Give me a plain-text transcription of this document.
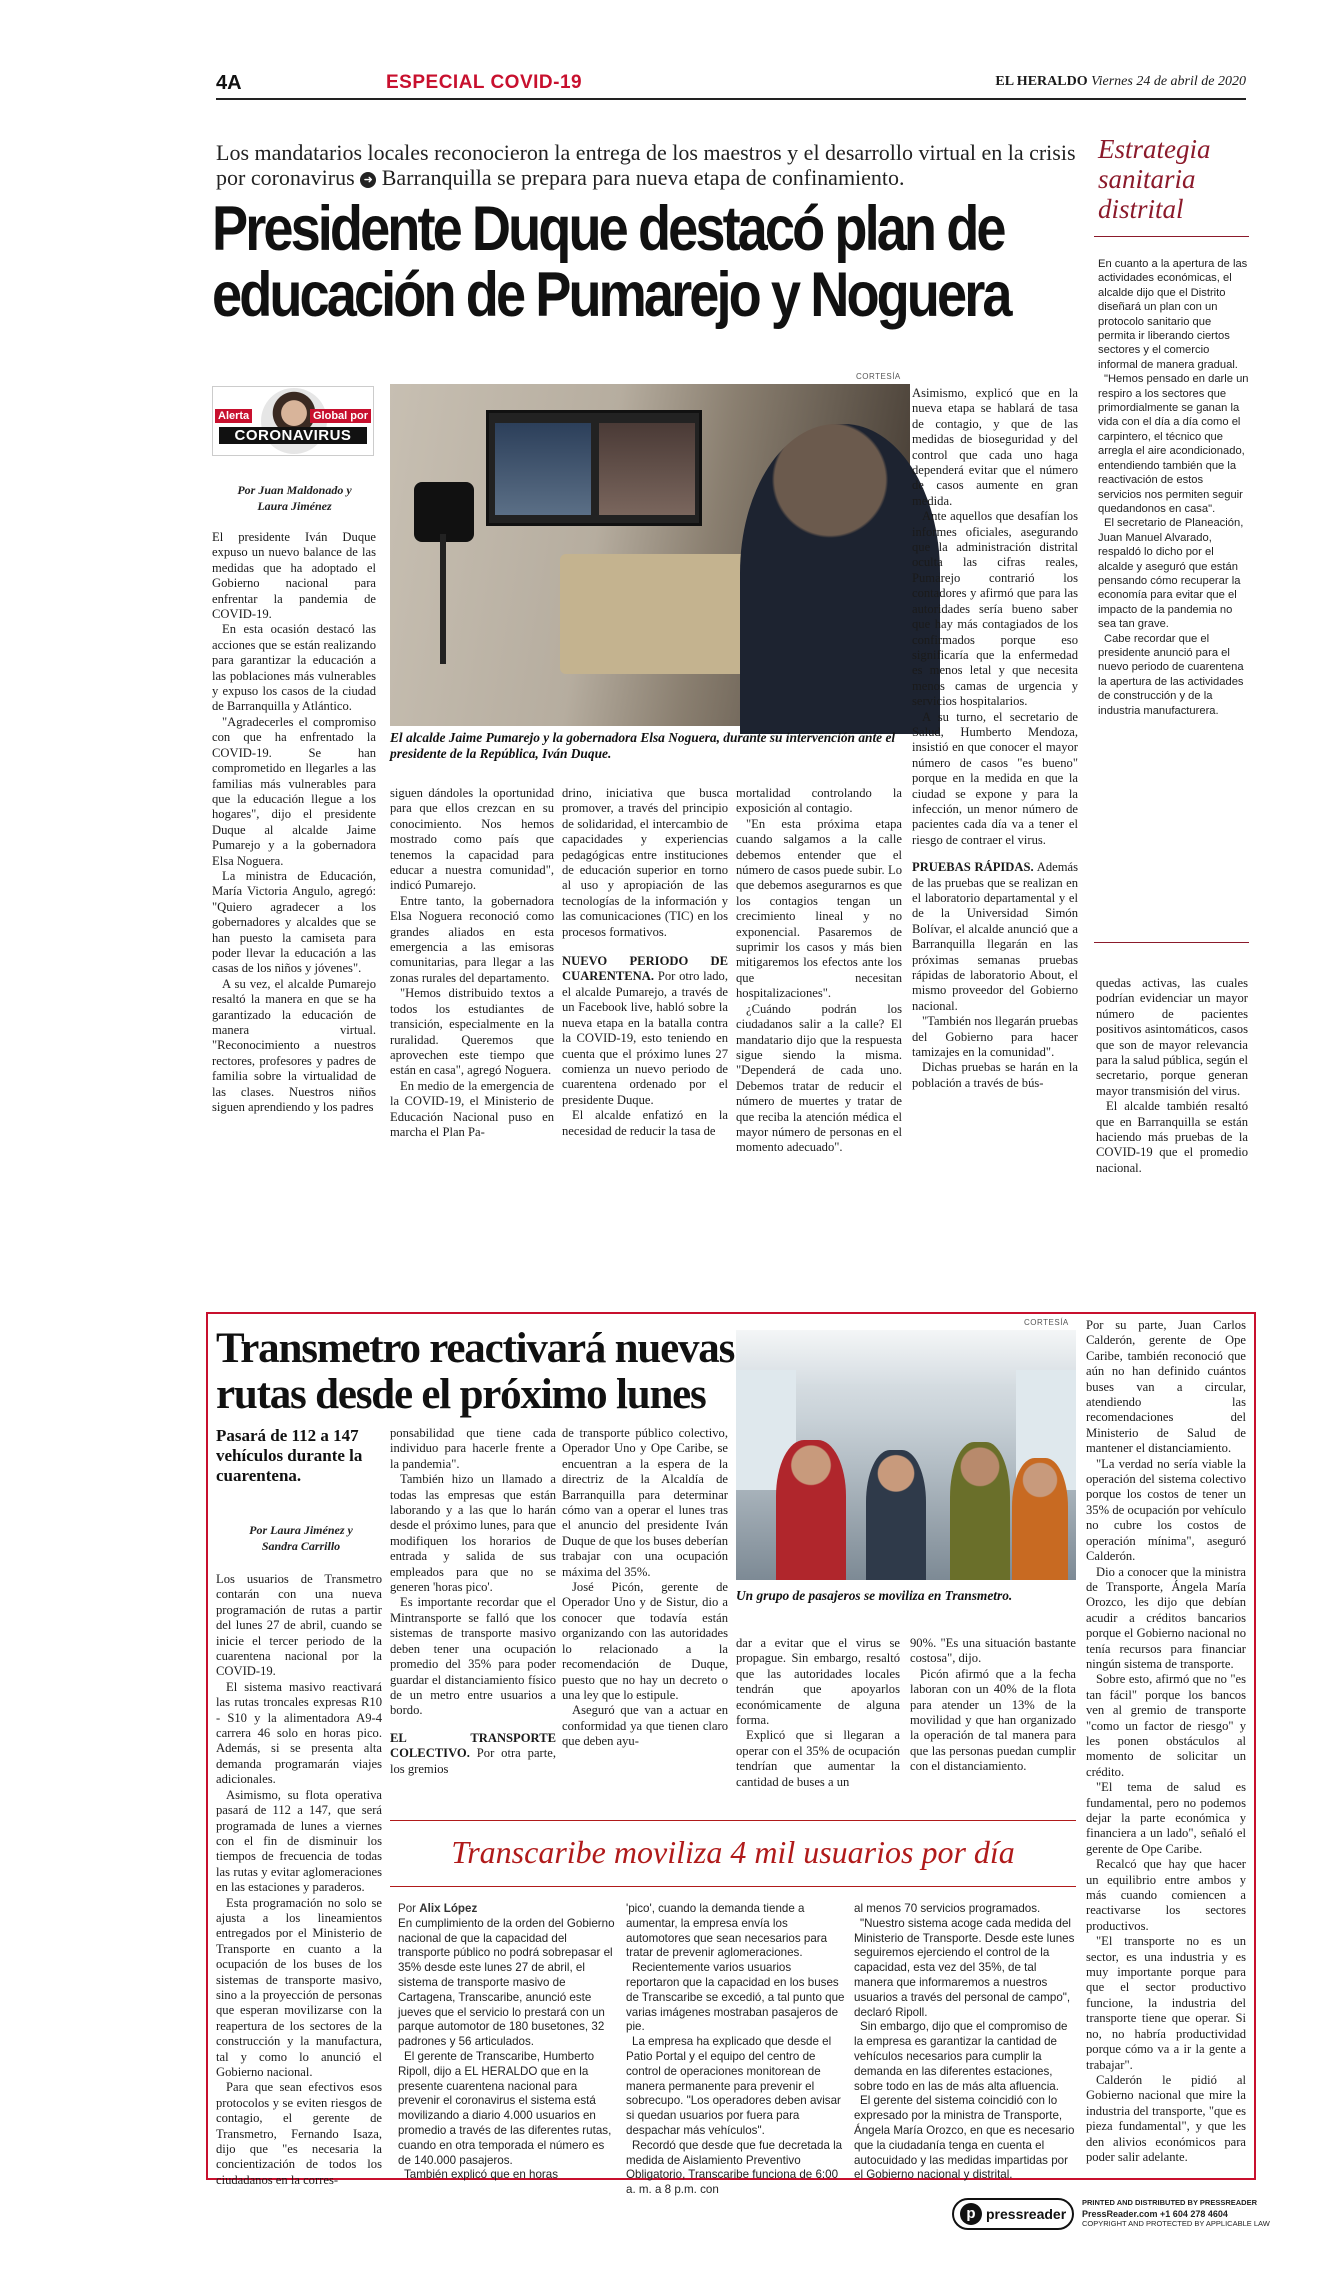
4A	ESPECIAL COVID-19	EL HERALDO Viernes 24 de abril de 2020
Los mandatarios locales reconocieron la entrega de los maestros y el desarrollo virtual en la crisis por coronavirus ➜ Barranquilla se prepara para nueva etapa de confinamiento.
Presidente Duque destacó plan de
educación de Pumarejo y Noguera
Estrategia
sanitaria
distrital

En cuanto a la apertura de las actividades económicas, el alcalde dijo que el Distrito diseñará un plan con un protocolo sanitario que permita ir liberando ciertos sectores y el comercio informal de manera gradual.

"Hemos pensado en darle un respiro a los sectores que primordialmente se ganan la vida con el día a día como el carpintero, el técnico que arregla el aire acondicionado, entendiendo también que la reactivación de estos servicios nos permiten seguir quedandonos en casa".

El secretario de Planeación, Juan Manuel Alvarado, respaldó lo dicho por el alcalde y aseguró que están pensando cómo recuperar la economía para evitar que el impacto de la pandemia no sea tan grave.

Cabe recordar que el presidente anunció para el nuevo periodo de cuarentena la apertura de las actividades de construcción y de la industria manufacturera.

quedas activas, las cuales podrían evidenciar un mayor número de pacientes positivos asintomáticos, casos que son de mayor relevancia para la salud pública, según el secretario, porque generan mayor transmisión del virus.

El alcalde también resaltó que en Barranquilla se están haciendo más pruebas de la COVID-19 que el promedio nacional.

Alerta	Global por
CORONAVIRUS
Por Juan Maldonado y
Laura Jiménez
CORTESÍA
El alcalde Jaime Pumarejo y la gobernadora Elsa Noguera, durante su intervención ante el presidente de la República, Iván Duque.

El presidente Iván Duque expuso un nuevo balance de las medidas que ha adoptado el Gobierno nacional para enfrentar la pandemia de COVID-19.

En esta ocasión destacó las acciones que se están realizando para garantizar la educación a las poblaciones más vulnerables y expuso los casos de la ciudad de Barranquilla y Atlántico.

"Agradecerles el compromiso con que ha enfrentado la COVID-19. Se han comprometido en llegarles a las familias más vulnerables para que la educación llegue a los hogares", dijo el presidente Duque al alcalde Jaime Pumarejo y a la gobernadora Elsa Noguera.

La ministra de Educación, María Victoria Angulo, agregó: "Quiero agradecer a los gobernadores y alcaldes que se han puesto la camiseta para poder llevar la educación a las casas de los niños y jóvenes".

A su vez, el alcalde Pumarejo resaltó la manera en que se ha garantizado la educación de manera virtual. "Reconocimiento a nuestros rectores, profesores y padres de familia sobre la virtualidad de las clases. Nuestros niños siguen aprendiendo y los padres

siguen dándoles la oportunidad para que ellos crezcan en su conocimiento. Nos hemos mostrado como país que tenemos la capacidad para educar a nuestra comunidad", indicó Pumarejo.

Entre tanto, la gobernadora Elsa Noguera reconoció como grandes aliados en esta emergencia a las emisoras comunitarias, para llegar a las zonas rurales del departamento.

"Hemos distribuido textos a todos los estudiantes de transición, especialmente en la ruralidad. Queremos que aprovechen este tiempo que están en casa", agregó Noguera.

En medio de la emergencia de la COVID-19, el Ministerio de Educación Nacional puso en marcha el Plan Pa-

drino, iniciativa que busca promover, a través del principio de solidaridad, el intercambio de capacidades y experiencias pedagógicas entre instituciones de educación superior en torno al uso y apropiación de las tecnologías de la información y las comunicaciones (TIC) en los procesos formativos.

NUEVO PERIODO DE CUARENTENA. Por otro lado, el alcalde Pumarejo, a través de un Facebook live, habló sobre la nueva etapa en la batalla contra la COVID-19, esto teniendo en cuenta que el próximo lunes 27 comienza un nuevo periodo de cuarentena ordenado por el presidente Duque.

El alcalde enfatizó en la necesidad de reducir la tasa de

mortalidad controlando la exposición al contagio.

"En esta próxima etapa cuando salgamos a la calle debemos entender que el número de casos puede subir. Lo que debemos asegurarnos es que los contagios tengan un crecimiento lineal y no exponencial. Pasaremos de suprimir los casos y más bien mitigaremos los efectos ante los que necesitan hospitalizaciones".

¿Cuándo podrán los ciudadanos salir a la calle? El mandatario dijo que la respuesta sigue siendo la misma. "Dependerá de cada uno. Debemos tratar de reducir el número de muertes y tratar de que reciba la atención médica el mayor número de personas en el momento adecuado".

Asimismo, explicó que en la nueva etapa se hablará de tasa de contagio, y que de las medidas de bioseguridad y del control que cada uno haga dependerá evitar que el número de casos aumente en gran medida.

Ante aquellos que desafían los informes oficiales, asegurando que la administración distrital oculta las cifras reales, Pumarejo contrarió los contadores y afirmó que para las autoridades sería bueno saber que hay más contagiados de los confirmados porque eso significaría que la enfermedad es menos letal y que necesita menos camas de urgencia y servicios hospitalarios.

A su turno, el secretario de Salud, Humberto Mendoza, insistió en que conocer el mayor número de casos "es bueno" porque en la medida en que la ciudad se expone y para la infección, un menor número de pacientes cada día va a tener el riesgo de contraer el virus.

PRUEBAS RÁPIDAS. Además de las pruebas que se realizan en el laboratorio departamental y el de la Universidad Simón Bolívar, el alcalde anunció que a Barranquilla llegarán en las próximas semanas pruebas rápidas de laboratorio About, el mismo proveedor del Gobierno nacional.

"También nos llegarán pruebas del Gobierno para hacer tamizajes en la comunidad".

Dichas pruebas se harán en la población a través de bús-

Transmetro reactivará nuevas
rutas desde el próximo lunes
Pasará de 112 a 147 vehículos durante la cuarentena.
Por Laura Jiménez y
Sandra Carrillo
CORTESÍA
Un grupo de pasajeros se moviliza en Transmetro.

Los usuarios de Transmetro contarán con una nueva programación de rutas a partir del lunes 27 de abril, cuando se inicie el tercer periodo de la cuarentena nacional por la COVID-19.

El sistema masivo reactivará las rutas troncales expresas R10 - S10 y la alimentadora A9-4 carrera 46 solo en horas pico. Además, si se presenta alta demanda programarán viajes adicionales.

Asimismo, su flota operativa pasará de 112 a 147, que será programada de lunes a viernes con el fin de disminuir los tiempos de frecuencia de todas las rutas y evitar aglomeraciones en las estaciones y paraderos.

Esta programación no solo se ajusta a los lineamientos entregados por el Ministerio de Transporte en cuanto a la ocupación de los buses de los sistemas de transporte masivo, sino a la proyección de personas que esperan movilizarse con la reapertura de los sectores de la construcción y la manufactura, tal y como lo anunció el Gobierno nacional.

Para que sean efectivos esos protocolos y se eviten riesgos de contagio, el gerente de Transmetro, Fernando Isaza, dijo que "es necesaria la concientización de todos los ciudadanos en la corres-

ponsabilidad que tiene cada individuo para hacerle frente a la pandemia".

También hizo un llamado a todas las empresas que están laborando y a las que lo harán desde el próximo lunes, para que modifiquen los horarios de entrada y salida de sus empleados para que no se generen 'horas pico'.

Es importante recordar que el Mintransporte se falló que los sistemas de transporte masivo deben tener una ocupación promedio del 35% para poder guardar el distanciamiento físico de un metro entre usuarios a bordo.

EL TRANSPORTE COLECTIVO. Por otra parte, los gremios

de transporte público colectivo, Operador Uno y Ope Caribe, se encuentran a la espera de la directriz de la Alcaldía de Barranquilla para determinar cómo van a operar el lunes tras el anuncio del presidente Iván Duque de que los buses deberían trabajar con una ocupación máxima del 35%.

José Picón, gerente de Operador Uno y de Sistur, dio a conocer que todavía están organizando con las autoridades lo relacionado a la recomendación de Duque, puesto que no hay un decreto o una ley que lo estipule.

Aseguró que van a actuar en conformidad ya que tienen claro que deben ayu-

dar a evitar que el virus se propague. Sin embargo, resaltó que las autoridades locales tendrán que apoyarlos económicamente de alguna forma.

Explicó que si llegaran a operar con el 35% de ocupación tendrían que aumentar la cantidad de buses a un

90%. "Es una situación bastante costosa", dijo.

Picón afirmó que a la fecha laboran con un 40% de la flota para atender un 13% de la movilidad y que han organizado la operación de tal manera para que las personas puedan cumplir con el distanciamiento.

Por su parte, Juan Carlos Calderón, gerente de Ope Caribe, también reconoció que aún no han definido cuántos buses van a circular, atendiendo las recomendaciones del Ministerio de Salud de mantener el distanciamiento.

"La verdad no sería viable la operación del sistema colectivo porque los costos de tener un 35% de ocupación por vehículo no cubre los costos de operación mínima", aseguró Calderón.

Dio a conocer que la ministra de Transporte, Ángela María Orozco, les dijo que debían acudir a créditos bancarios porque el Gobierno nacional no tenía recursos para financiar ningún sistema de transporte.

Sobre esto, afirmó que no "es tan fácil" porque los bancos ven al gremio de transporte "como un factor de riesgo" y les ponen obstáculos al momento de solicitar un crédito.

"El tema de salud es fundamental, pero no podemos dejar la parte económica y financiera a un lado", señaló el gerente de Ope Caribe.

Recalcó que hay que hacer un equilibrio entre ambos y más cuando comiencen a reactivarse los sectores productivos.

"El transporte no es un sector, es una industria y es muy importante porque para que el sector productivo funcione, la industria del transporte tiene que operar. Si no, no habría productividad porque cómo va a ir la gente a trabajar".

Calderón le pidió al Gobierno nacional que mire la industria del transporte, "que es pieza fundamental", y que les den alivios económicos para poder salir adelante.

Transcaribe moviliza 4 mil usuarios por día
Por Alix López

En cumplimiento de la orden del Gobierno nacional de que la capacidad del transporte público no podrá sobrepasar el 35% desde este lunes 27 de abril, el sistema de transporte masivo de Cartagena, Transcaribe, anunció este jueves que el servicio lo prestará con un parque automotor de 180 busetones, 32 padrones y 56 articulados.

El gerente de Transcaribe, Humberto Ripoll, dijo a EL HERALDO que en la presente cuarentena nacional para prevenir el coronavirus el sistema está movilizando a diario 4.000 usuarios en promedio a través de las diferentes rutas, cuando en otra temporada el número es de 140.000 pasajeros.

También explicó que en horas

'pico', cuando la demanda tiende a aumentar, la empresa envía los automotores que sean necesarios para tratar de prevenir aglomeraciones.

Recientemente varios usuarios reportaron que la capacidad en los buses de Transcaribe se excedió, a tal punto que varias imágenes mostraban pasajeros de pie.

La empresa ha explicado que desde el Patio Portal y el equipo del centro de control de operaciones monitorean de manera permanente para prevenir el sobrecupo. "Los operadores deben avisar si quedan usuarios por fuera para despachar más vehículos".

Recordó que desde que fue decretada la medida de Aislamiento Preventivo Obligatorio, Transcaribe funciona de 6:00 a. m. a 8 p.m. con

al menos 70 servicios programados.

"Nuestro sistema acoge cada medida del Ministerio de Transporte. Desde este lunes seguiremos ejerciendo el control de la capacidad, esta vez del 35%, de tal manera que informaremos a nuestros usuarios a través del personal de campo", declaró Ripoll.

Sin embargo, dijo que el compromiso de la empresa es garantizar la cantidad de vehículos necesarios para cumplir la demanda en las diferentes estaciones, sobre todo en las de más alta afluencia.

El gerente del sistema coincidió con lo expresado por la ministra de Transporte, Ángela María Orozco, en que es necesario que la ciudadanía tenga en cuenta el autocuidado y las medidas impartidas por el Gobierno nacional y distrital.

p pressreader
PRINTED AND DISTRIBUTED BY PRESSREADER
PressReader.com +1 604 278 4604
COPYRIGHT AND PROTECTED BY APPLICABLE LAW
